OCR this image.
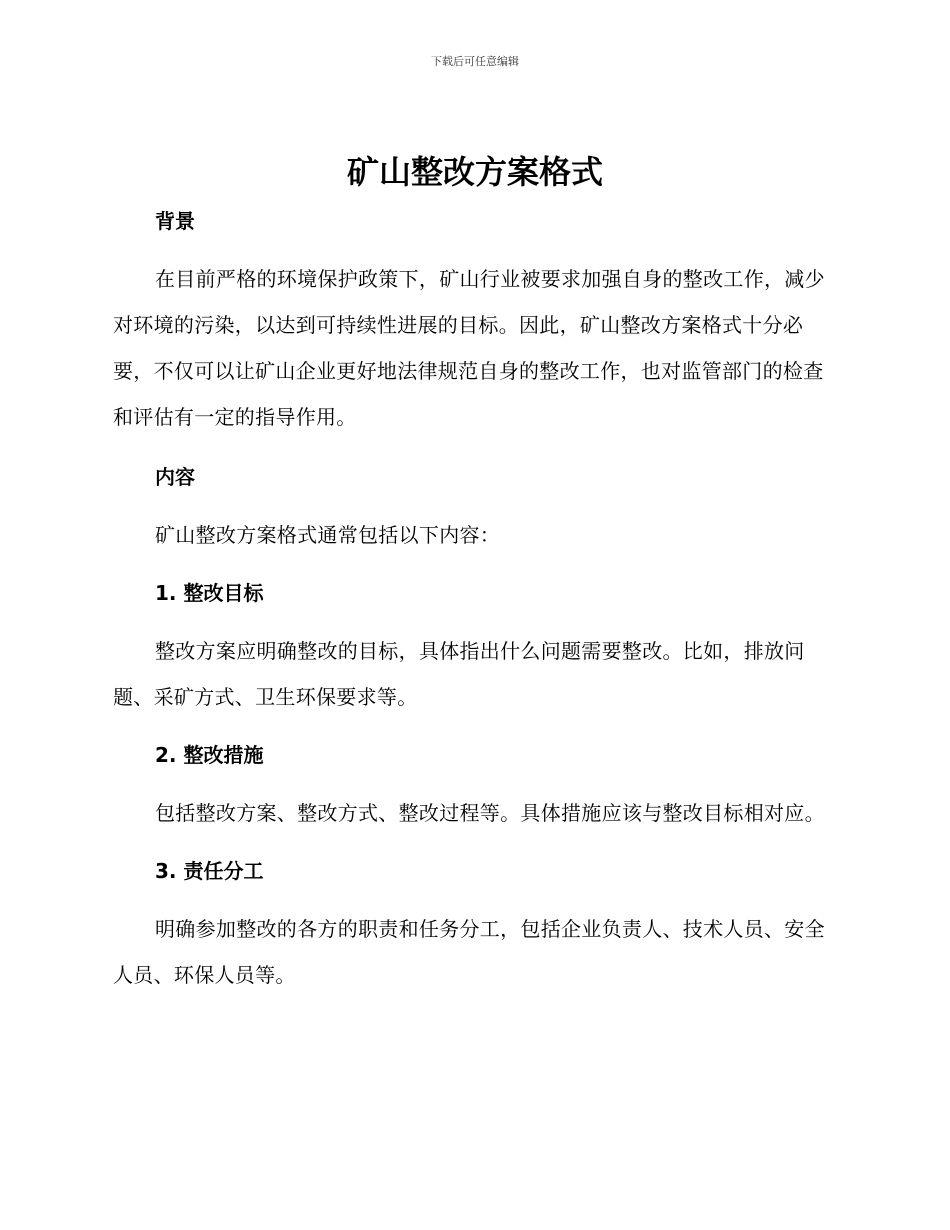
下载后可任意编辑
矿山整改方案格式
背景

在目前严格的环境保护政策下，矿山行业被要求加强自身的整改工作，减少对环境的污染，以达到可持续性进展的目标。因此，矿山整改方案格式十分必要，不仅可以让矿山企业更好地法律规范自身的整改工作，也对监管部门的检查和评估有一定的指导作用。

内容

矿山整改方案格式通常包括以下内容：

1. 整改目标

整改方案应明确整改的目标，具体指出什么问题需要整改。比如，排放问题、采矿方式、卫生环保要求等。

2. 整改措施

包括整改方案、整改方式、整改过程等。具体措施应该与整改目标相对应。

3. 责任分工

明确参加整改的各方的职责和任务分工，包括企业负责人、技术人员、安全人员、环保人员等。
